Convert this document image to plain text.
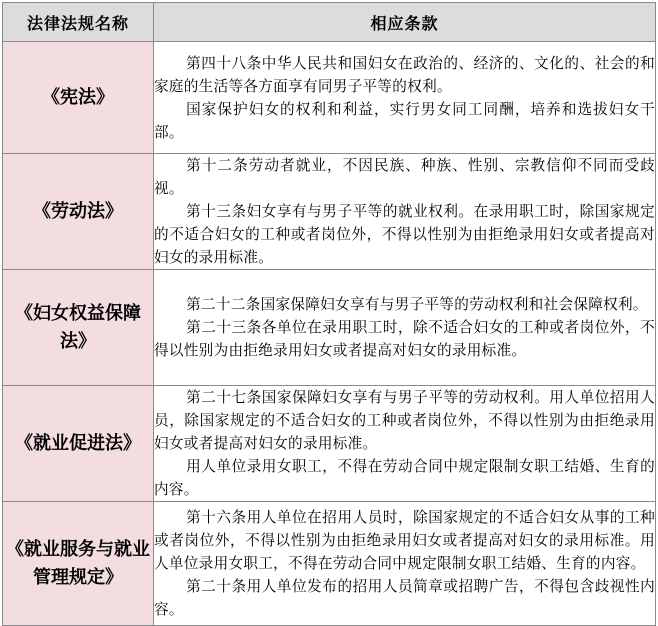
法律法规名称	相应条款
《宪法》	第四十八条中华人民共和国妇女在政治的、经济的、文化的、社会的和家庭的生活等各方面享有同男子平等的权利。

国家保护妇女的权利和利益，实行男女同工同酬，培养和选拔妇女干部。

《劳动法》	第十二条劳动者就业，不因民族、种族、性别、宗教信仰不同而受歧视。

第十三条妇女享有与男子平等的就业权利。在录用职工时，除国家规定的不适合妇女的工种或者岗位外，不得以性别为由拒绝录用妇女或者提高对妇女的录用标准。

《妇女权益保障法》	第二十二条国家保障妇女享有与男子平等的劳动权利和社会保障权利。

第二十三条各单位在录用职工时，除不适合妇女的工种或者岗位外，不得以性别为由拒绝录用妇女或者提高对妇女的录用标准。

《就业促进法》	第二十七条国家保障妇女享有与男子平等的劳动权利。用人单位招用人员，除国家规定的不适合妇女的工种或者岗位外，不得以性别为由拒绝录用妇女或者提高对妇女的录用标准。

用人单位录用女职工，不得在劳动合同中规定限制女职工结婚、生育的内容。

《就业服务与就业管理规定》	第十六条用人单位在招用人员时，除国家规定的不适合妇女从事的工种或者岗位外，不得以性别为由拒绝录用妇女或者提高对妇女的录用标准。用人单位录用女职工，不得在劳动合同中规定限制女职工结婚、生育的内容。

第二十条用人单位发布的招用人员简章或招聘广告，不得包含歧视性内容。
